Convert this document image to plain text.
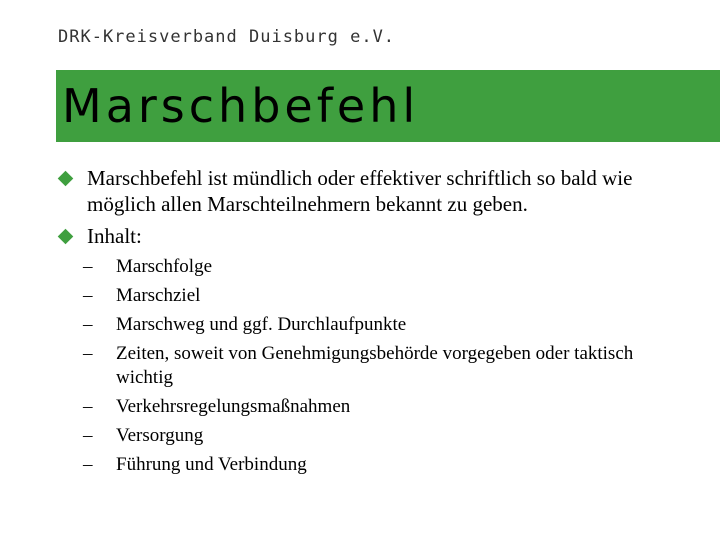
DRK-Kreisverband Duisburg e.V.
Marschbefehl
Marschbefehl ist mündlich oder effektiver schriftlich so bald wie möglich allen Marschteilnehmern bekannt zu geben.
Inhalt:
– Marschfolge
– Marschziel
– Marschweg und ggf. Durchlaufpunkte
– Zeiten, soweit von Genehmigungsbehörde vorgegeben oder taktisch wichtig
– Verkehrsregelungsmaßnahmen
– Versorgung
– Führung und Verbindung
